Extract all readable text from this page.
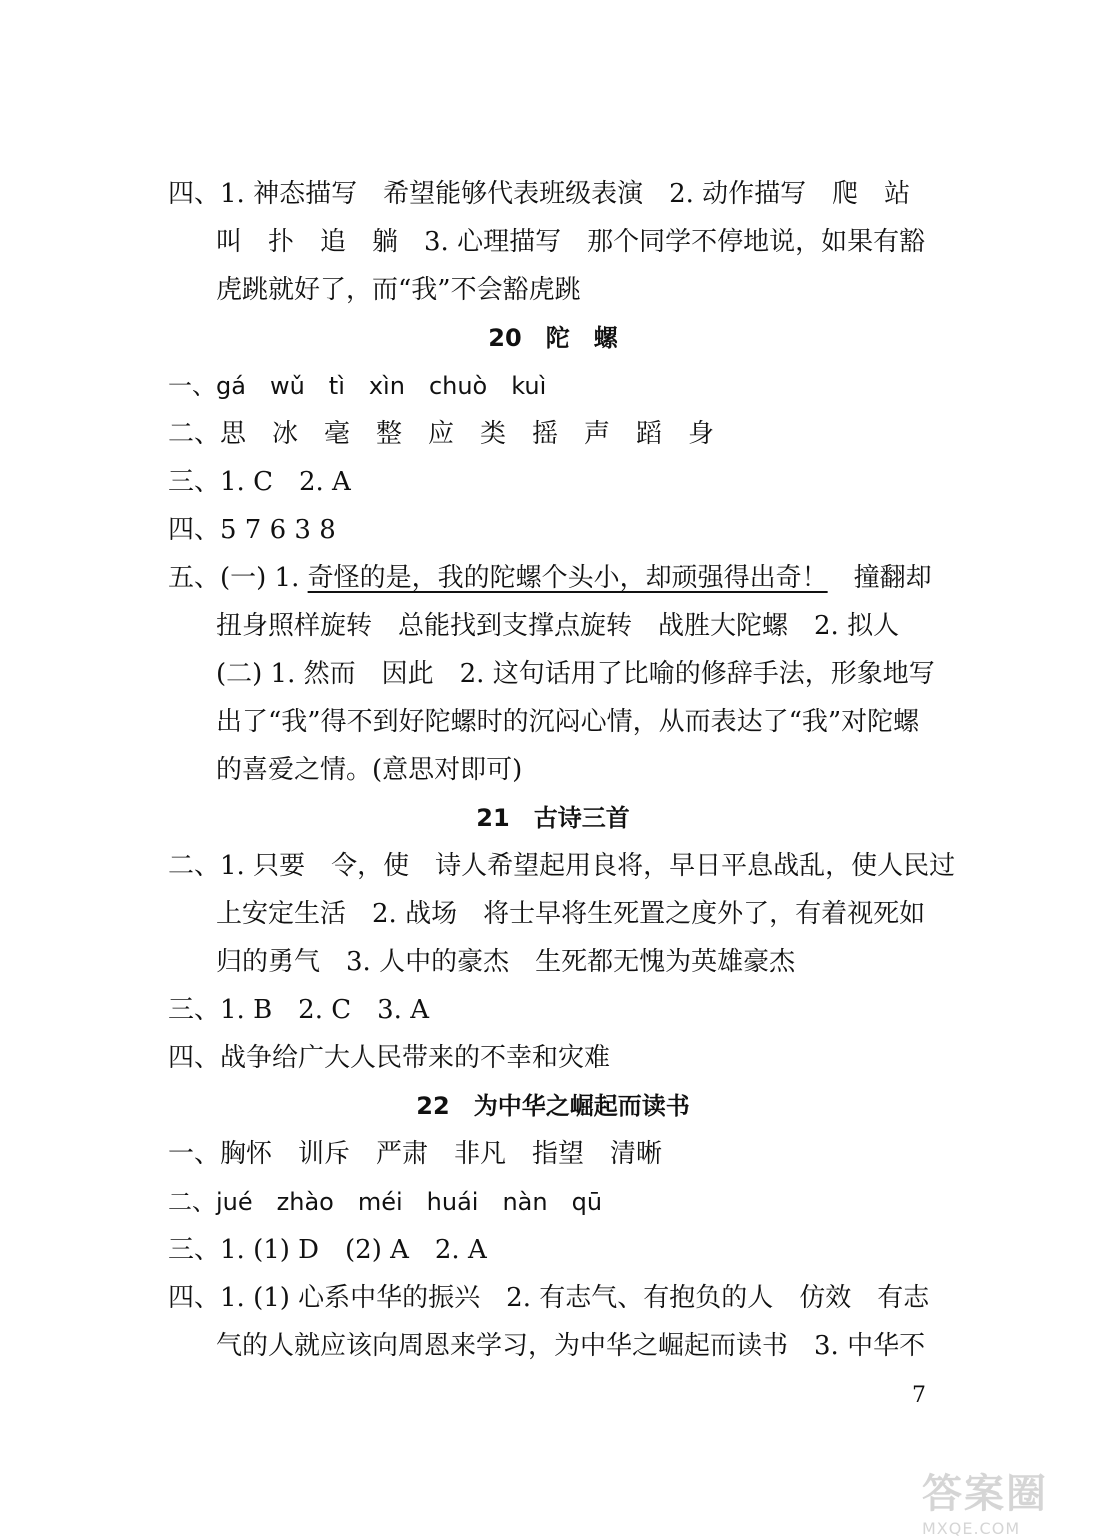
四、1. 神态描写　希望能够代表班级表演　2. 动作描写　爬　站
叫　扑　追　躺　3. 心理描写　那个同学不停地说，如果有豁
虎跳就好了，而“我”不会豁虎跳
20　陀　螺
一、gá　wǔ　tì　xìn　chuò　kuì
二、思　冰　毫　整　应　类　摇　声　蹈　身
三、1. C　2. A
四、5 7 6 3 8
五、(一) 1. 奇怪的是，我的陀螺个头小，却顽强得出奇！　撞翻却
扭身照样旋转　总能找到支撑点旋转　战胜大陀螺　2. 拟人
(二) 1. 然而　因此　2. 这句话用了比喻的修辞手法，形象地写
出了“我”得不到好陀螺时的沉闷心情，从而表达了“我”对陀螺
的喜爱之情。(意思对即可)
21　古诗三首
二、1. 只要　令，使　诗人希望起用良将，早日平息战乱，使人民过
上安定生活　2. 战场　将士早将生死置之度外了，有着视死如
归的勇气　3. 人中的豪杰　生死都无愧为英雄豪杰
三、1. B　2. C　3. A
四、战争给广大人民带来的不幸和灾难
22　为中华之崛起而读书
一、胸怀　训斥　严肃　非凡　指望　清晰
二、jué　zhào　méi　huái　nàn　qū
三、1. (1) D　(2) A　2. A
四、1. (1) 心系中华的振兴　2. 有志气、有抱负的人　仿效　有志
气的人就应该向周恩来学习，为中华之崛起而读书　3. 中华不
7
答案圈
MXQE.COM
